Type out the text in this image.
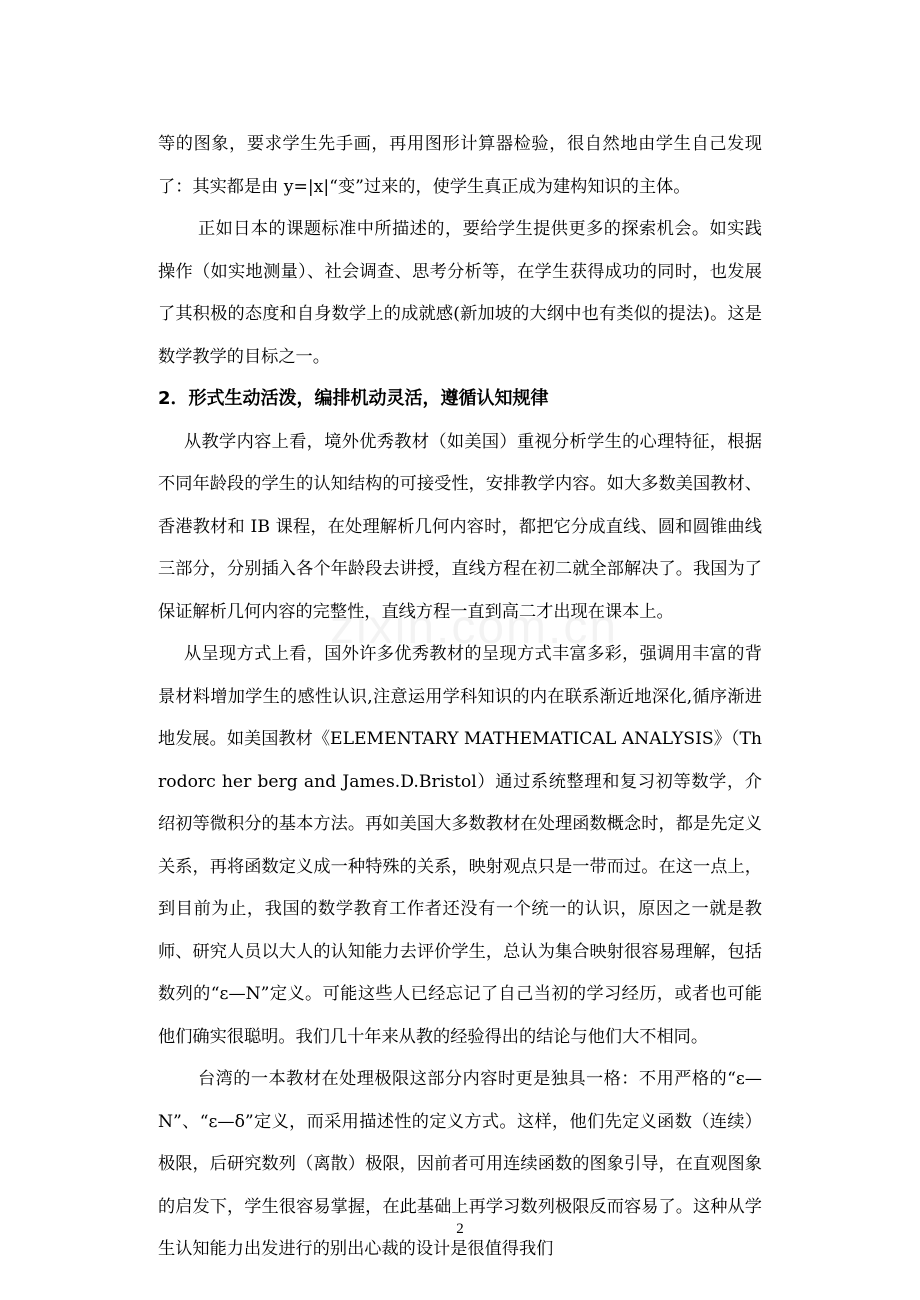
等的图象，要求学生先手画，再用图形计算器检验，很自然地由学生自己发现了：其实都是由 y=|x|“变”过来的，使学生真正成为建构知识的主体。

正如日本的课题标准中所描述的，要给学生提供更多的探索机会。如实践操作（如实地测量）、社会调查、思考分析等，在学生获得成功的同时，也发展了其积极的态度和自身数学上的成就感(新加坡的大纲中也有类似的提法)。这是数学教学的目标之一。

2．形式生动活泼，编排机动灵活，遵循认知规律

从教学内容上看，境外优秀教材（如美国）重视分析学生的心理特征，根据不同年龄段的学生的认知结构的可接受性，安排教学内容。如大多数美国教材、香港教材和 IB 课程，在处理解析几何内容时，都把它分成直线、圆和圆锥曲线三部分，分别插入各个年龄段去讲授，直线方程在初二就全部解决了。我国为了保证解析几何内容的完整性，直线方程一直到高二才出现在课本上。

从呈现方式上看，国外许多优秀教材的呈现方式丰富多彩，强调用丰富的背景材料增加学生的感性认识,注意运用学科知识的内在联系渐近地深化,循序渐进地发展。如美国教材《ELEMENTARY MATHEMATICAL ANALYSIS》（Throdorc her berg and James.D.Bristol）通过系统整理和复习初等数学，介绍初等微积分的基本方法。再如美国大多数教材在处理函数概念时，都是先定义关系，再将函数定义成一种特殊的关系，映射观点只是一带而过。在这一点上，到目前为止，我国的数学教育工作者还没有一个统一的认识，原因之一就是教师、研究人员以大人的认知能力去评价学生，总认为集合映射很容易理解，包括数列的“ε—N”定义。可能这些人已经忘记了自己当初的学习经历，或者也可能他们确实很聪明。我们几十年来从教的经验得出的结论与他们大不相同。

台湾的一本教材在处理极限这部分内容时更是独具一格：不用严格的“ε—N”、“ε—δ”定义，而采用描述性的定义方式。这样，他们先定义函数（连续）极限，后研究数列（离散）极限，因前者可用连续函数的图象引导，在直观图象的启发下，学生很容易掌握，在此基础上再学习数列极限反而容易了。这种从学生认知能力出发进行的别出心裁的设计是很值得我们

2
